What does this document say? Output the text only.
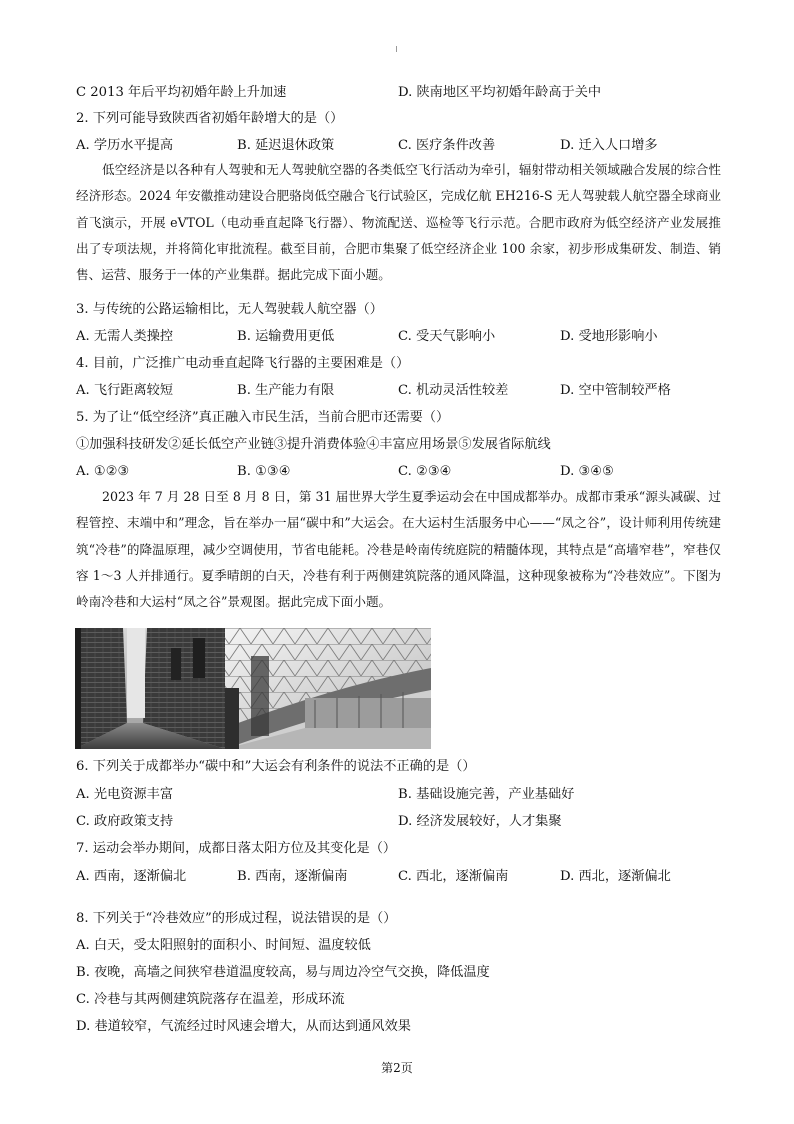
C 2013 年后平均初婚年龄上升加速	D. 陕南地区平均初婚年龄高于关中
2. 下列可能导致陕西省初婚年龄增大的是（）
A. 学历水平提高	B. 延迟退休政策	C. 医疗条件改善	D. 迁入人口增多
低空经济是以各种有人驾驶和无人驾驶航空器的各类低空飞行活动为牵引，辐射带动相关领域融合发展的综合性经济形态。2024 年安徽推动建设合肥骆岗低空融合飞行试验区，完成亿航 EH216-S 无人驾驶载人航空器全球商业首飞演示，开展 eVTOL（电动垂直起降飞行器）、物流配送、巡检等飞行示范。合肥市政府为低空经济产业发展推出了专项法规，并将简化审批流程。截至目前，合肥市集聚了低空经济企业 100 余家，初步形成集研发、制造、销售、运营、服务于一体的产业集群。据此完成下面小题。
3. 与传统的公路运输相比，无人驾驶载人航空器（）
A. 无需人类操控	B. 运输费用更低	C. 受天气影响小	D. 受地形影响小
4. 目前，广泛推广电动垂直起降飞行器的主要困难是（）
A. 飞行距离较短	B. 生产能力有限	C. 机动灵活性较差	D. 空中管制较严格
5. 为了让“低空经济”真正融入市民生活，当前合肥市还需要（）
①加强科技研发②延长低空产业链③提升消费体验④丰富应用场景⑤发展省际航线
A. ①②③	B. ①③④	C. ②③④	D. ③④⑤
2023 年 7 月 28 日至 8 月 8 日，第 31 届世界大学生夏季运动会在中国成都举办。成都市秉承“源头减碳、过程管控、末端中和”理念，旨在举办一届“碳中和”大运会。在大运村生活服务中心——“凤之谷”，设计师利用传统建筑“冷巷”的降温原理，减少空调使用，节省电能耗。冷巷是岭南传统庭院的精髓体现，其特点是“高墙窄巷”，窄巷仅容 1～3 人并排通行。夏季晴朗的白天，冷巷有利于两侧建筑院落的通风降温，这种现象被称为“冷巷效应”。下图为岭南冷巷和大运村“凤之谷”景观图。据此完成下面小题。
6. 下列关于成都举办“碳中和”大运会有利条件的说法不正确的是（）
A. 光电资源丰富	B. 基础设施完善，产业基础好
C. 政府政策支持	D. 经济发展较好，人才集聚
7. 运动会举办期间，成都日落太阳方位及其变化是（）
A. 西南，逐渐偏北	B. 西南，逐渐偏南	C. 西北，逐渐偏南	D. 西北，逐渐偏北
8. 下列关于“冷巷效应”的形成过程，说法错误的是（）
A. 白天，受太阳照射的面积小、时间短、温度较低
B. 夜晚，高墙之间狭窄巷道温度较高，易与周边冷空气交换，降低温度
C. 冷巷与其两侧建筑院落存在温差，形成环流
D. 巷道较窄，气流经过时风速会增大，从而达到通风效果
第2页
